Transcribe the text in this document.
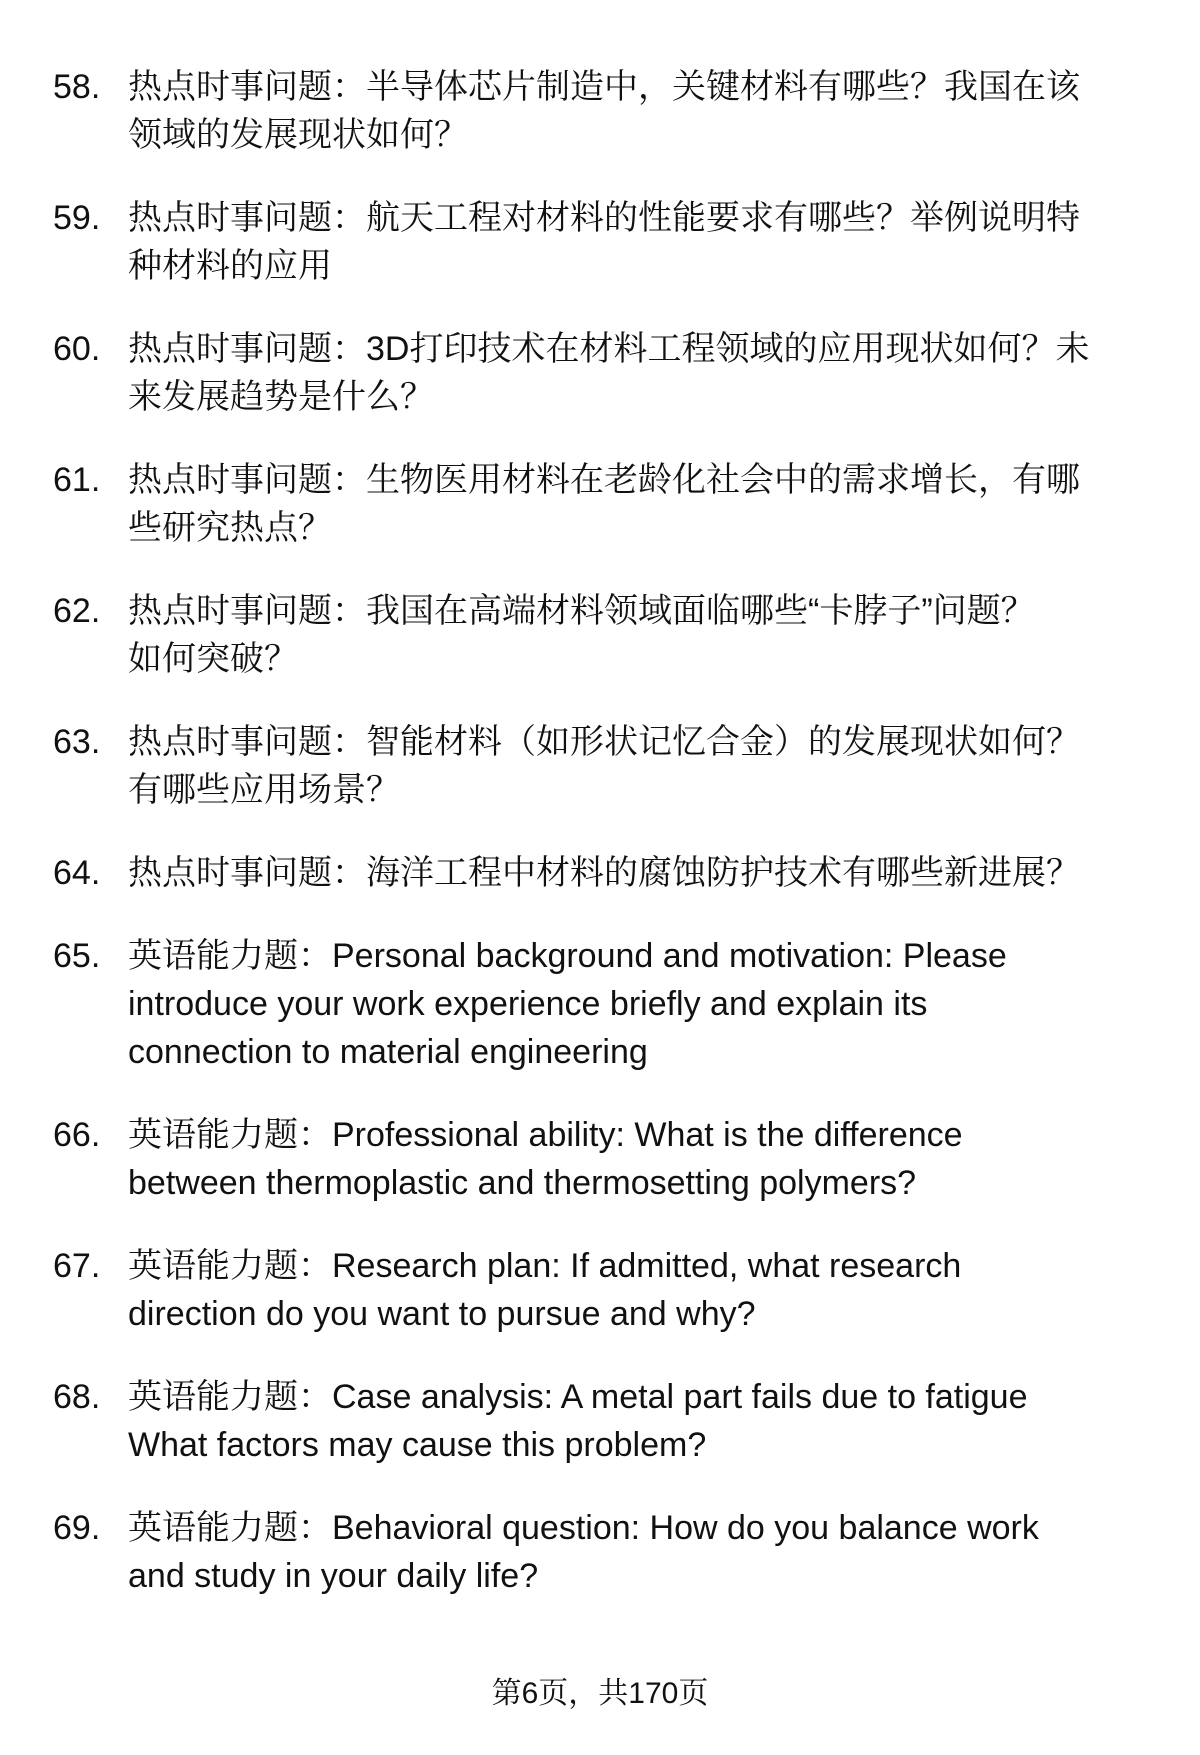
58. 热点时事问题：半导体芯片制造中，关键材料有哪些？我国在该
领域的发展现状如何？
59. 热点时事问题：航天工程对材料的性能要求有哪些？举例说明特
种材料的应用
60. 热点时事问题：3D打印技术在材料工程领域的应用现状如何？未
来发展趋势是什么？
61. 热点时事问题：生物医用材料在老龄化社会中的需求增长，有哪
些研究热点？
62. 热点时事问题：我国在高端材料领域面临哪些“卡脖子”问题？
如何突破？
63. 热点时事问题：智能材料（如形状记忆合金）的发展现状如何？
有哪些应用场景？
64. 热点时事问题：海洋工程中材料的腐蚀防护技术有哪些新进展？
65. 英语能力题：Personal background and motivation: Please
introduce your work experience briefly and explain its
connection to material engineering
66. 英语能力题：Professional ability: What is the difference
between thermoplastic and thermosetting polymers?
67. 英语能力题：Research plan: If admitted, what research
direction do you want to pursue and why?
68. 英语能力题：Case analysis: A metal part fails due to fatigue
What factors may cause this problem?
69. 英语能力题：Behavioral question: How do you balance work
and study in your daily life?
第6页，共170页
